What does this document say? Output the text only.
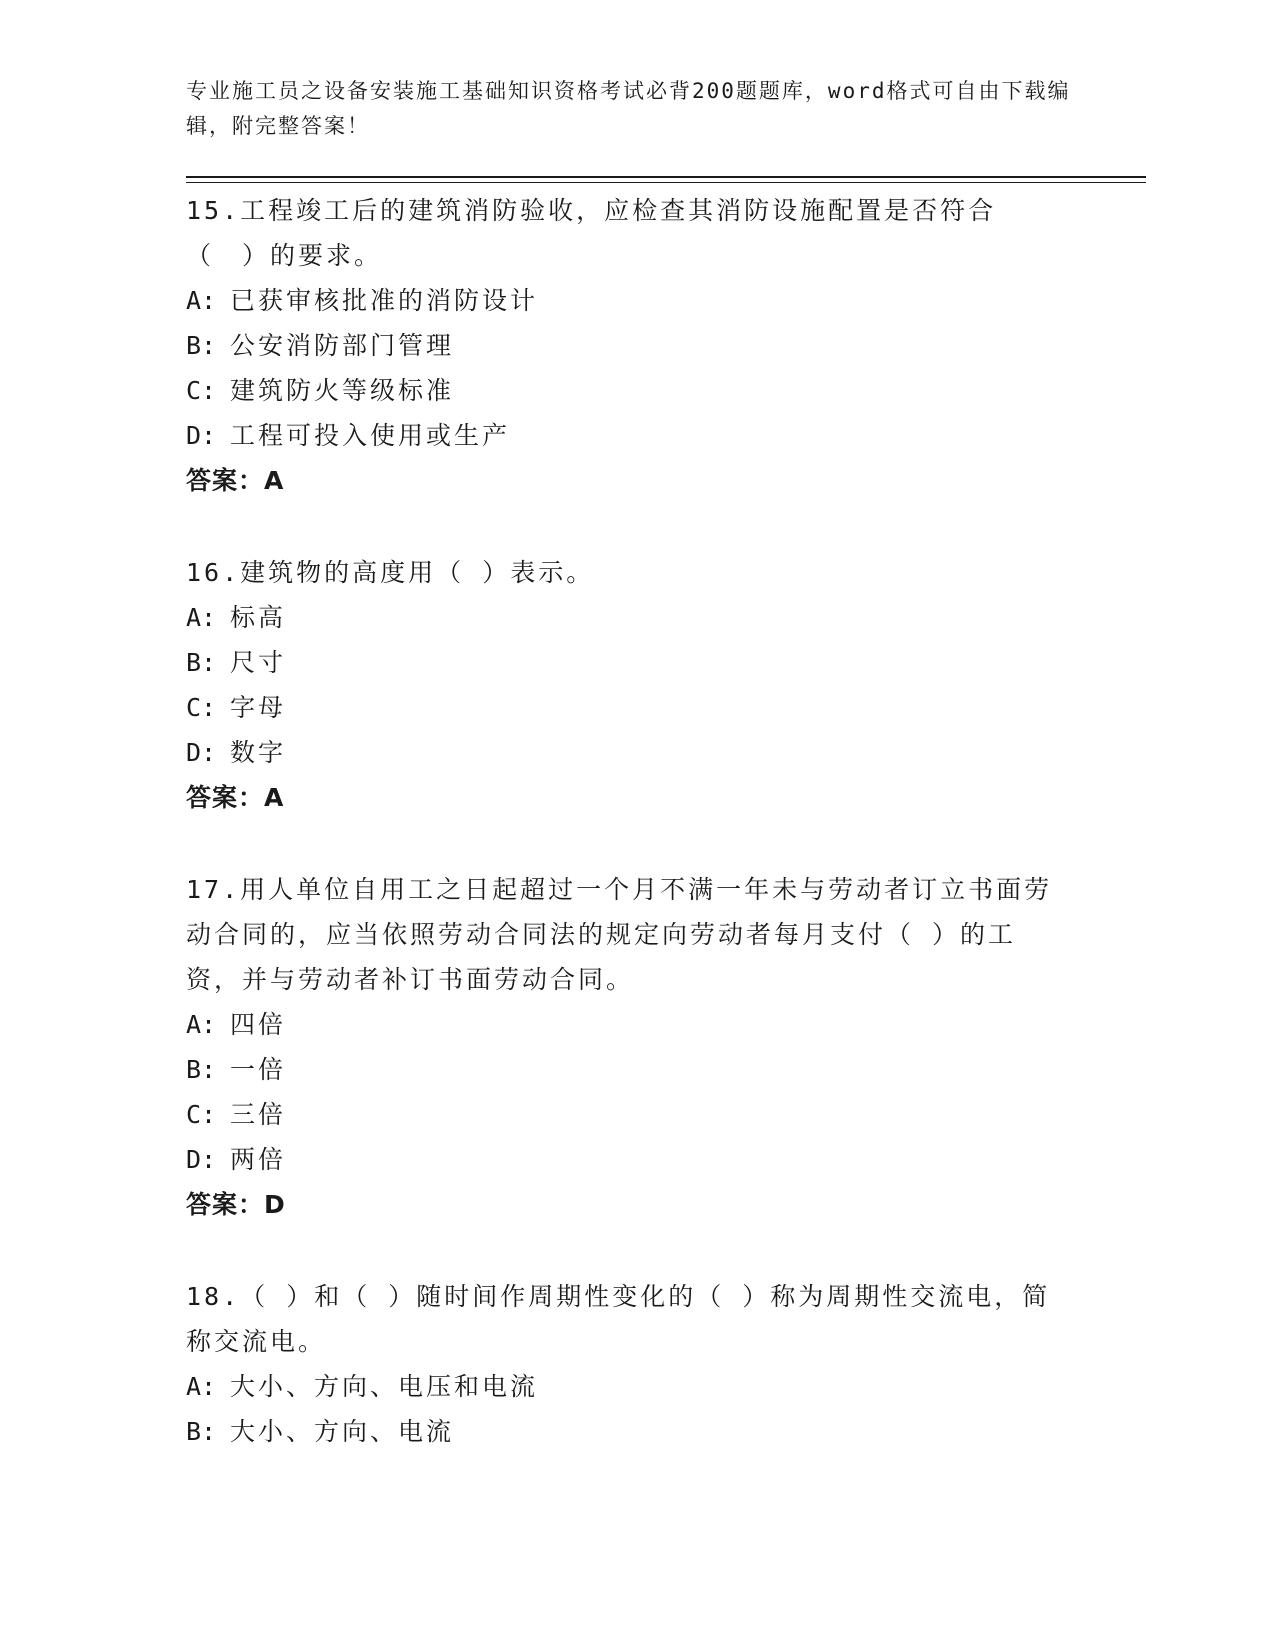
专业施工员之设备安装施工基础知识资格考试必背200题题库，word格式可自由下载编辑，附完整答案！
15.工程竣工后的建筑消防验收，应检查其消防设施配置是否符合（　）的要求。
A: 已获审核批准的消防设计
B: 公安消防部门管理
C: 建筑防火等级标准
D: 工程可投入使用或生产
答案：A
16.建筑物的高度用（ ）表示。
A: 标高
B: 尺寸
C: 字母
D: 数字
答案：A
17.用人单位自用工之日起超过一个月不满一年未与劳动者订立书面劳动合同的，应当依照劳动合同法的规定向劳动者每月支付（ ）的工资，并与劳动者补订书面劳动合同。
A: 四倍
B: 一倍
C: 三倍
D: 两倍
答案：D
18.（ ）和（ ）随时间作周期性变化的（ ）称为周期性交流电，简称交流电。
A: 大小、方向、电压和电流
B: 大小、方向、电流
